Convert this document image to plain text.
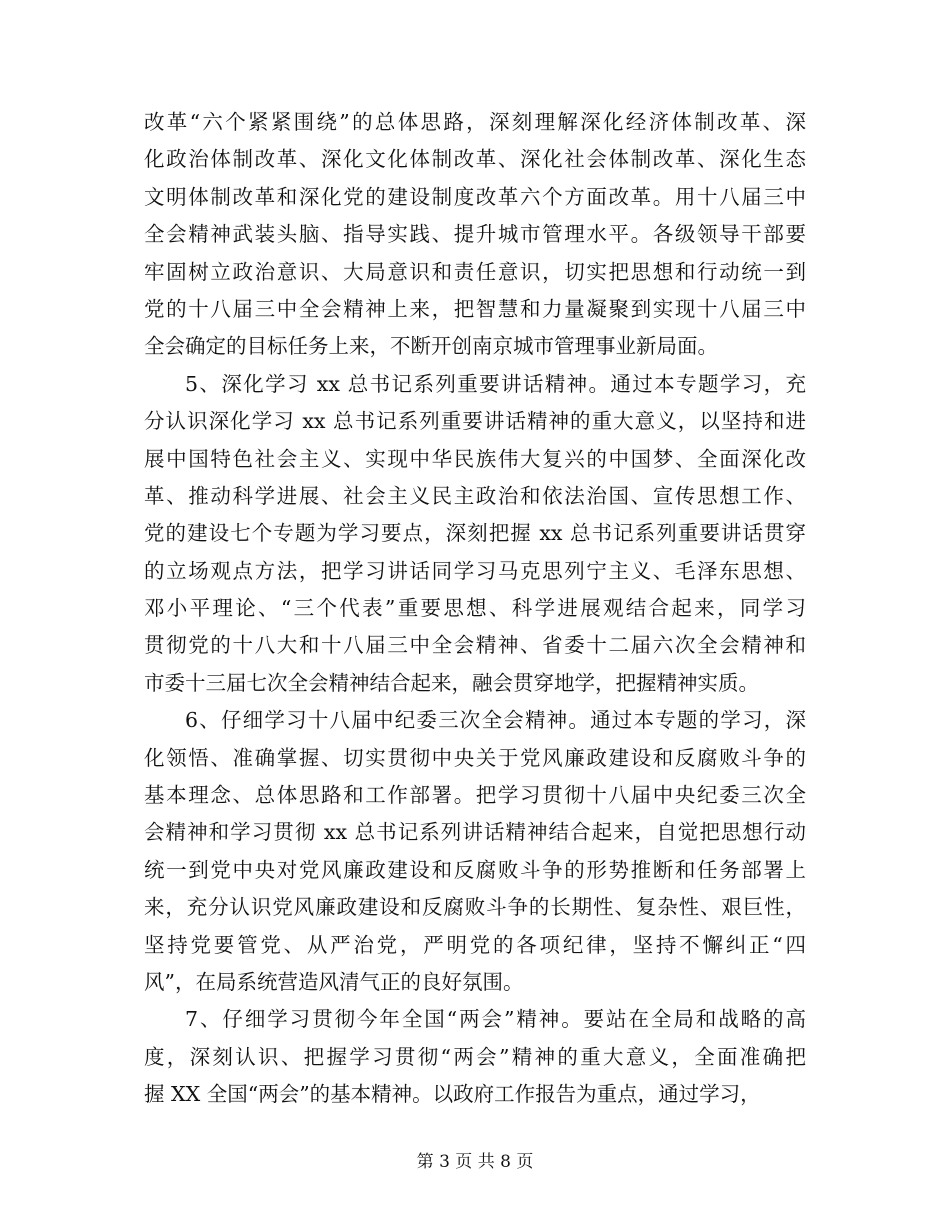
改革“六个紧紧围绕”的总体思路，深刻理解深化经济体制改革、深
化政治体制改革、深化文化体制改革、深化社会体制改革、深化生态
文明体制改革和深化党的建设制度改革六个方面改革。用十八届三中
全会精神武装头脑、指导实践、提升城市管理水平。各级领导干部要
牢固树立政治意识、大局意识和责任意识，切实把思想和行动统一到
党的十八届三中全会精神上来，把智慧和力量凝聚到实现十八届三中
全会确定的目标任务上来，不断开创南京城市管理事业新局面。
5、深化学习 xx 总书记系列重要讲话精神。通过本专题学习，充
分认识深化学习 xx 总书记系列重要讲话精神的重大意义，以坚持和进
展中国特色社会主义、实现中华民族伟大复兴的中国梦、全面深化改
革、推动科学进展、社会主义民主政治和依法治国、宣传思想工作、
党的建设七个专题为学习要点，深刻把握 xx 总书记系列重要讲话贯穿
的立场观点方法，把学习讲话同学习马克思列宁主义、毛泽东思想、
邓小平理论、“三个代表”重要思想、科学进展观结合起来，同学习
贯彻党的十八大和十八届三中全会精神、省委十二届六次全会精神和
市委十三届七次全会精神结合起来，融会贯穿地学，把握精神实质。
6、仔细学习十八届中纪委三次全会精神。通过本专题的学习，深
化领悟、准确掌握、切实贯彻中央关于党风廉政建设和反腐败斗争的
基本理念、总体思路和工作部署。把学习贯彻十八届中央纪委三次全
会精神和学习贯彻 xx 总书记系列讲话精神结合起来，自觉把思想行动
统一到党中央对党风廉政建设和反腐败斗争的形势推断和任务部署上
来，充分认识党风廉政建设和反腐败斗争的长期性、复杂性、艰巨性，
坚持党要管党、从严治党，严明党的各项纪律，坚持不懈纠正“四
风”，在局系统营造风清气正的良好氛围。
7、仔细学习贯彻今年全国“两会”精神。要站在全局和战略的高
度，深刻认识、把握学习贯彻“两会”精神的重大意义，全面准确把
握 XX 全国“两会”的基本精神。以政府工作报告为重点，通过学习，
第 3 页 共 8 页
